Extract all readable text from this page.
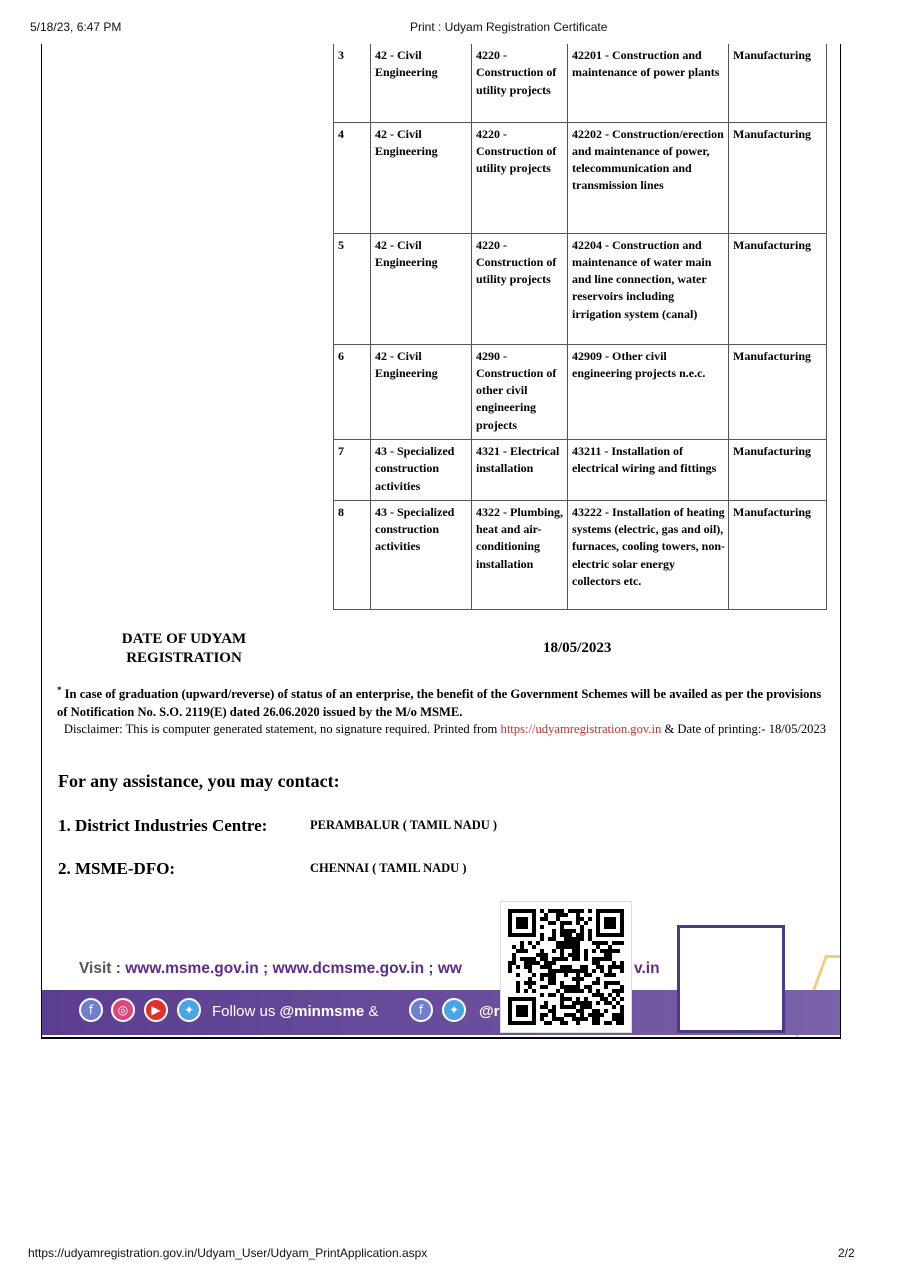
5/18/23, 6:47 PM	Print : Udyam Registration Certificate
3	42 - Civil Engineering	4220 - Construction of utility projects	42201 - Construction and maintenance of power plants	Manufacturing
4	42 - Civil Engineering	4220 - Construction of utility projects	42202 - Construction/erection and maintenance of power, telecommunication and transmission lines	Manufacturing
5	42 - Civil Engineering	4220 - Construction of utility projects	42204 - Construction and maintenance of water main and line connection, water reservoirs including irrigation system (canal)	Manufacturing
6	42 - Civil Engineering	4290 - Construction of other civil engineering projects	42909 - Other civil engineering projects n.e.c.	Manufacturing
7	43 - Specialized construction activities	4321 - Electrical installation	43211 - Installation of electrical wiring and fittings	Manufacturing
8	43 - Specialized construction activities	4322 - Plumbing, heat and air-conditioning installation	43222 - Installation of heating systems (electric, gas and oil), furnaces, cooling towers, non-electric solar energy collectors etc.	Manufacturing
DATE OF UDYAM REGISTRATION
18/05/2023
* In case of graduation (upward/reverse) of status of an enterprise, the benefit of the Government Schemes will be availed as per the provisions of Notification No. S.O. 2119(E) dated 26.06.2020 issued by the M/o MSME.
Disclaimer: This is computer generated statement, no signature required. Printed from https://udyamregistration.gov.in & Date of printing:- 18/05/2023
For any assistance, you may contact:
1. District Industries Centre:	PERAMBALUR ( TAMIL NADU )
2. MSME-DFO:	CHENNAI ( TAMIL NADU )
Visit : www.msme.gov.in ; www.dcmsme.gov.in ; ww	v.in
f	◎	▶	✦	Follow us @minmsme &	f	✦	@r
https://udyamregistration.gov.in/Udyam_User/Udyam_PrintApplication.aspx	2/2
